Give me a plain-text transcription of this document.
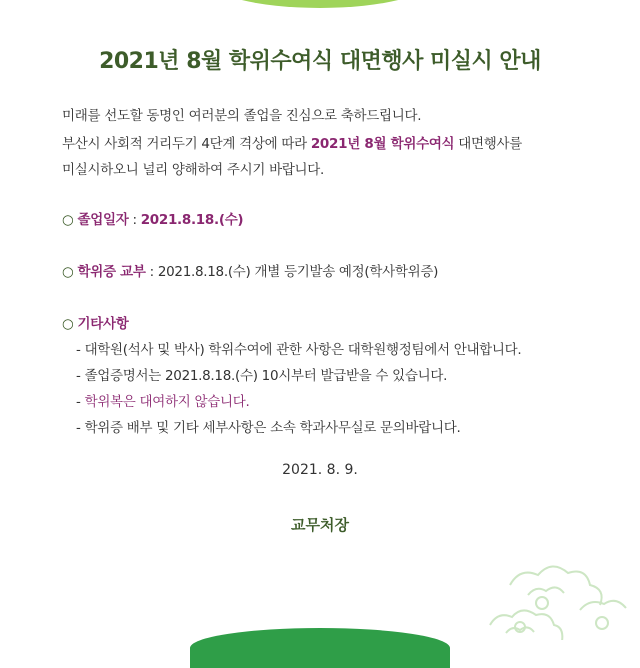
2021년 8월 학위수여식 대면행사 미실시 안내
미래를 선도할 동명인 여러분의 졸업을 진심으로 축하드립니다.
부산시 사회적 거리두기 4단계 격상에 따라 2021년 8월 학위수여식 대면행사를
미실시하오니 널리 양해하여 주시기 바랍니다.
○ 졸업일자 : 2021.8.18.(수)
○ 학위증 교부 : 2021.8.18.(수) 개별 등기발송 예정(학사학위증)
○ 기타사항
- 대학원(석사 및 박사) 학위수여에 관한 사항은 대학원행정팀에서 안내합니다.
- 졸업증명서는 2021.8.18.(수) 10시부터 발급받을 수 있습니다.
- 학위복은 대여하지 않습니다.
- 학위증 배부 및 기타 세부사항은 소속 학과사무실로 문의바랍니다.
2021. 8. 9.
교무처장
